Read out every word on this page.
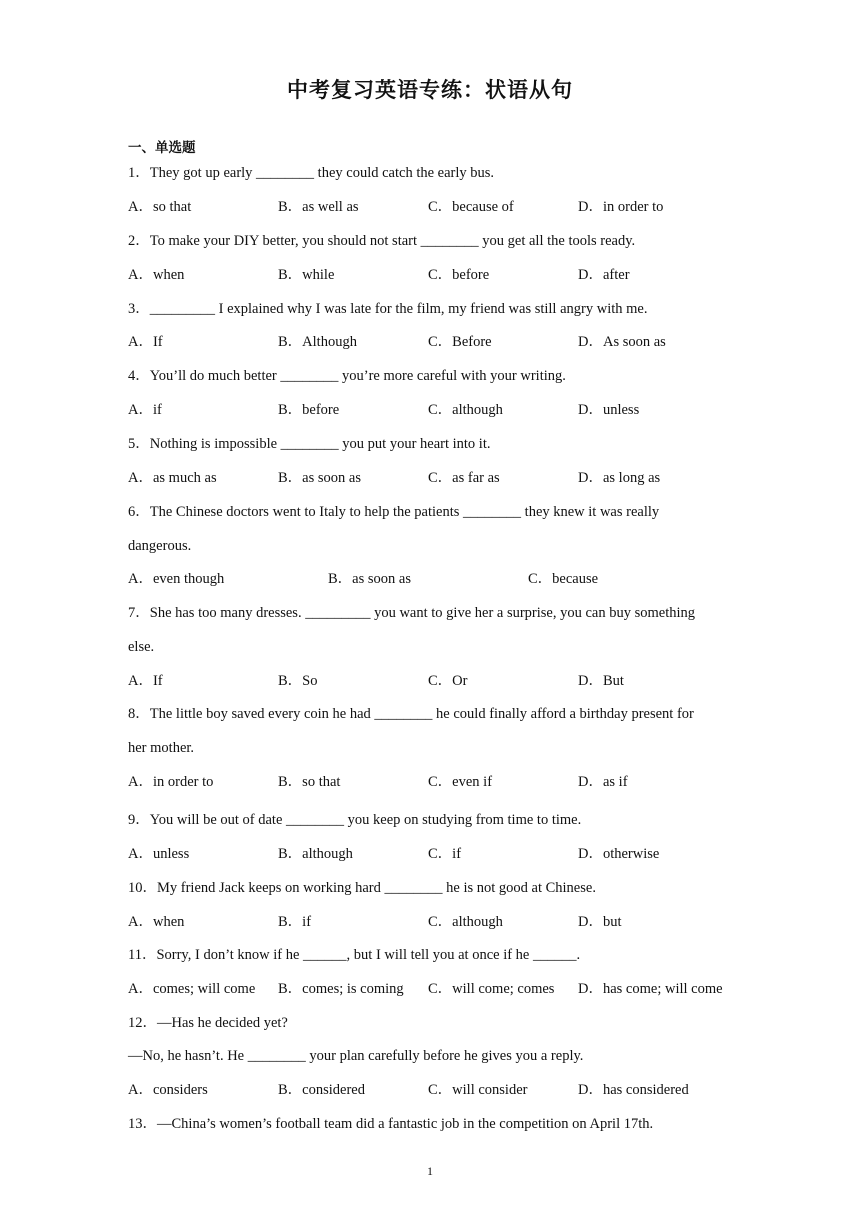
中考复习英语专练：状语从句
一、单选题
1．They got up early ________ they could catch the early bus.
A．so that	B．as well as	C．because of	D．in order to
2．To make your DIY better, you should not start ________ you get all the tools ready.
A．when	B．while	C．before	D．after
3．_________ I explained why I was late for the film, my friend was still angry with me.
A．If	B．Although	C．Before	D．As soon as
4．You’ll do much better ________ you’re more careful with your writing.
A．if	B．before	C．although	D．unless
5．Nothing is impossible ________ you put your heart into it.
A．as much as	B．as soon as	C．as far as	D．as long as
6．The Chinese doctors went to Italy to help the patients ________ they knew it was really
dangerous.
A．even though	B．as soon as	C．because
7．She has too many dresses. _________ you want to give her a surprise, you can buy something
else.
A．If	B．So	C．Or	D．But
8．The little boy saved every coin he had ________ he could finally afford a birthday present for
her mother.
A．in order to	B．so that	C．even if	D．as if
9．You will be out of date ________ you keep on studying from time to time.
A．unless	B．although	C．if	D．otherwise
10．My friend Jack keeps on working hard ________ he is not good at Chinese.
A．when	B．if	C．although	D．but
11．Sorry, I don’t know if he ______, but I will tell you at once if he ______.
A．comes; will come B．comes; is coming C．will come; comes D．has come; will come
12．—Has he decided yet?
—No, he hasn’t. He ________ your plan carefully before he gives you a reply.
A．considers	B．considered	C．will consider	D．has considered
13．—China’s women’s football team did a fantastic job in the competition on April 17th.
1
